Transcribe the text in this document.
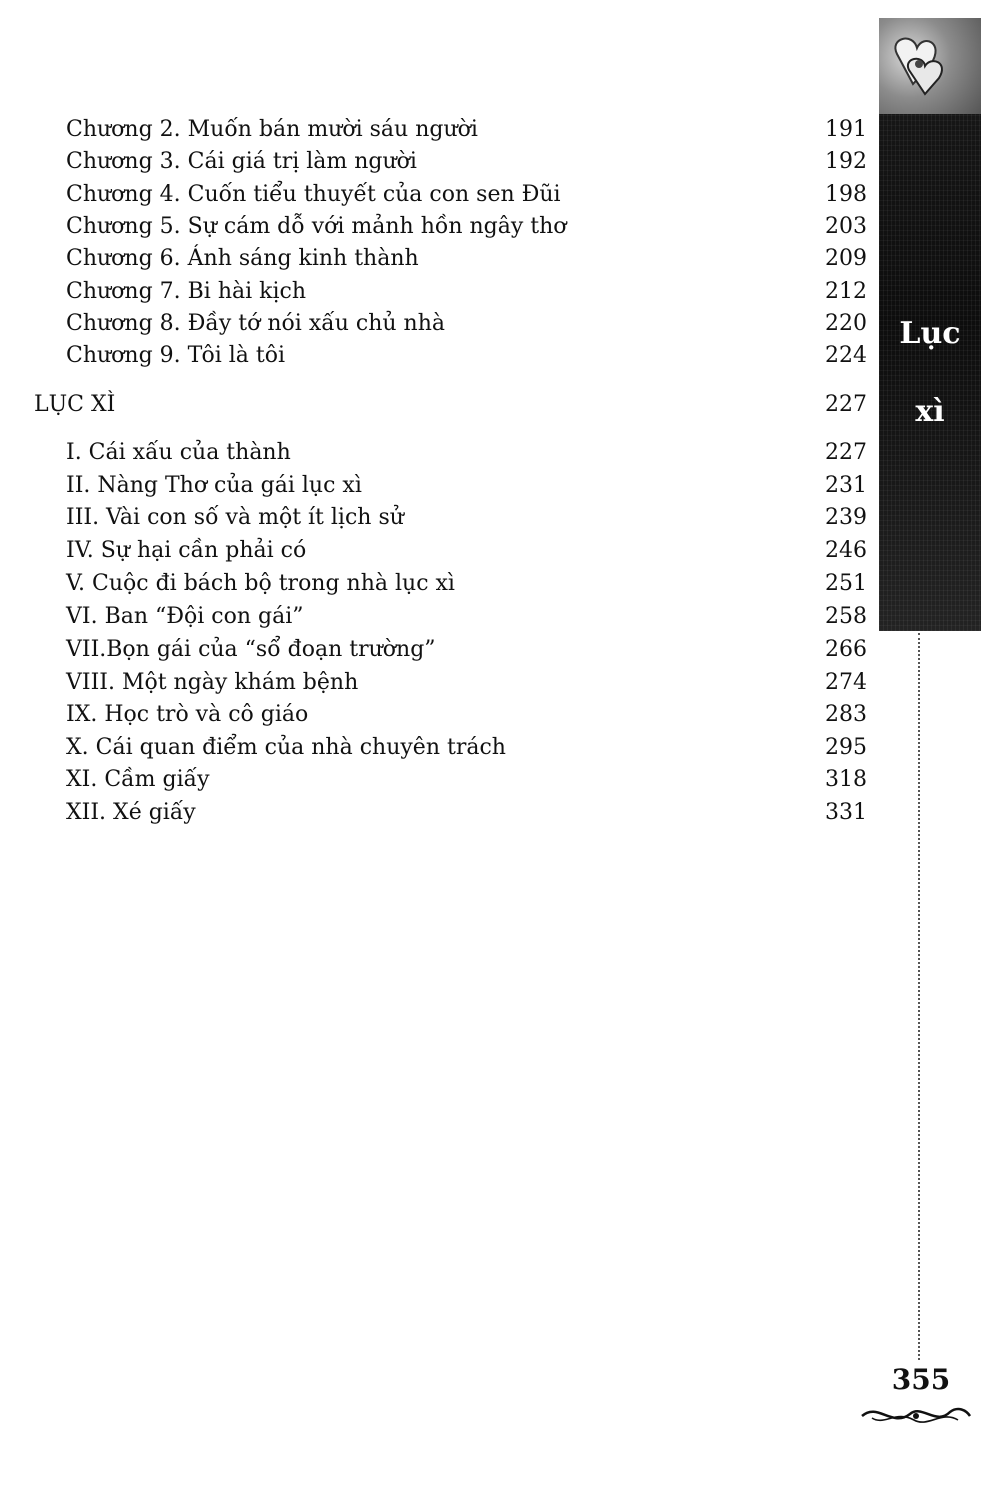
Chương 2. Muốn bán mười sáu người	191
Chương 3. Cái giá trị làm người	192
Chương 4. Cuốn tiểu thuyết của con sen Đũi	198
Chương 5. Sự cám dỗ với mảnh hồn ngây thơ	203
Chương 6. Ánh sáng kinh thành	209
Chương 7. Bi hài kịch	212
Chương 8. Đầy tớ nói xấu chủ nhà	220
Chương 9. Tôi là tôi	224
LỤC XÌ	227
I. Cái xấu của thành	227
II. Nàng Thơ của gái lục xì	231
III. Vài con số và một ít lịch sử	239
IV. Sự hại cần phải có	246
V. Cuộc đi bách bộ trong nhà lục xì	251
VI. Ban “Đội con gái”	258
VII.Bọn gái của “sổ đoạn trường”	266
VIII. Một ngày khám bệnh	274
IX. Học trò và cô giáo	283
X. Cái quan điểm của nhà chuyên trách	295
XI. Cầm giấy	318
XII. Xé giấy	331
Lục
xì
355
